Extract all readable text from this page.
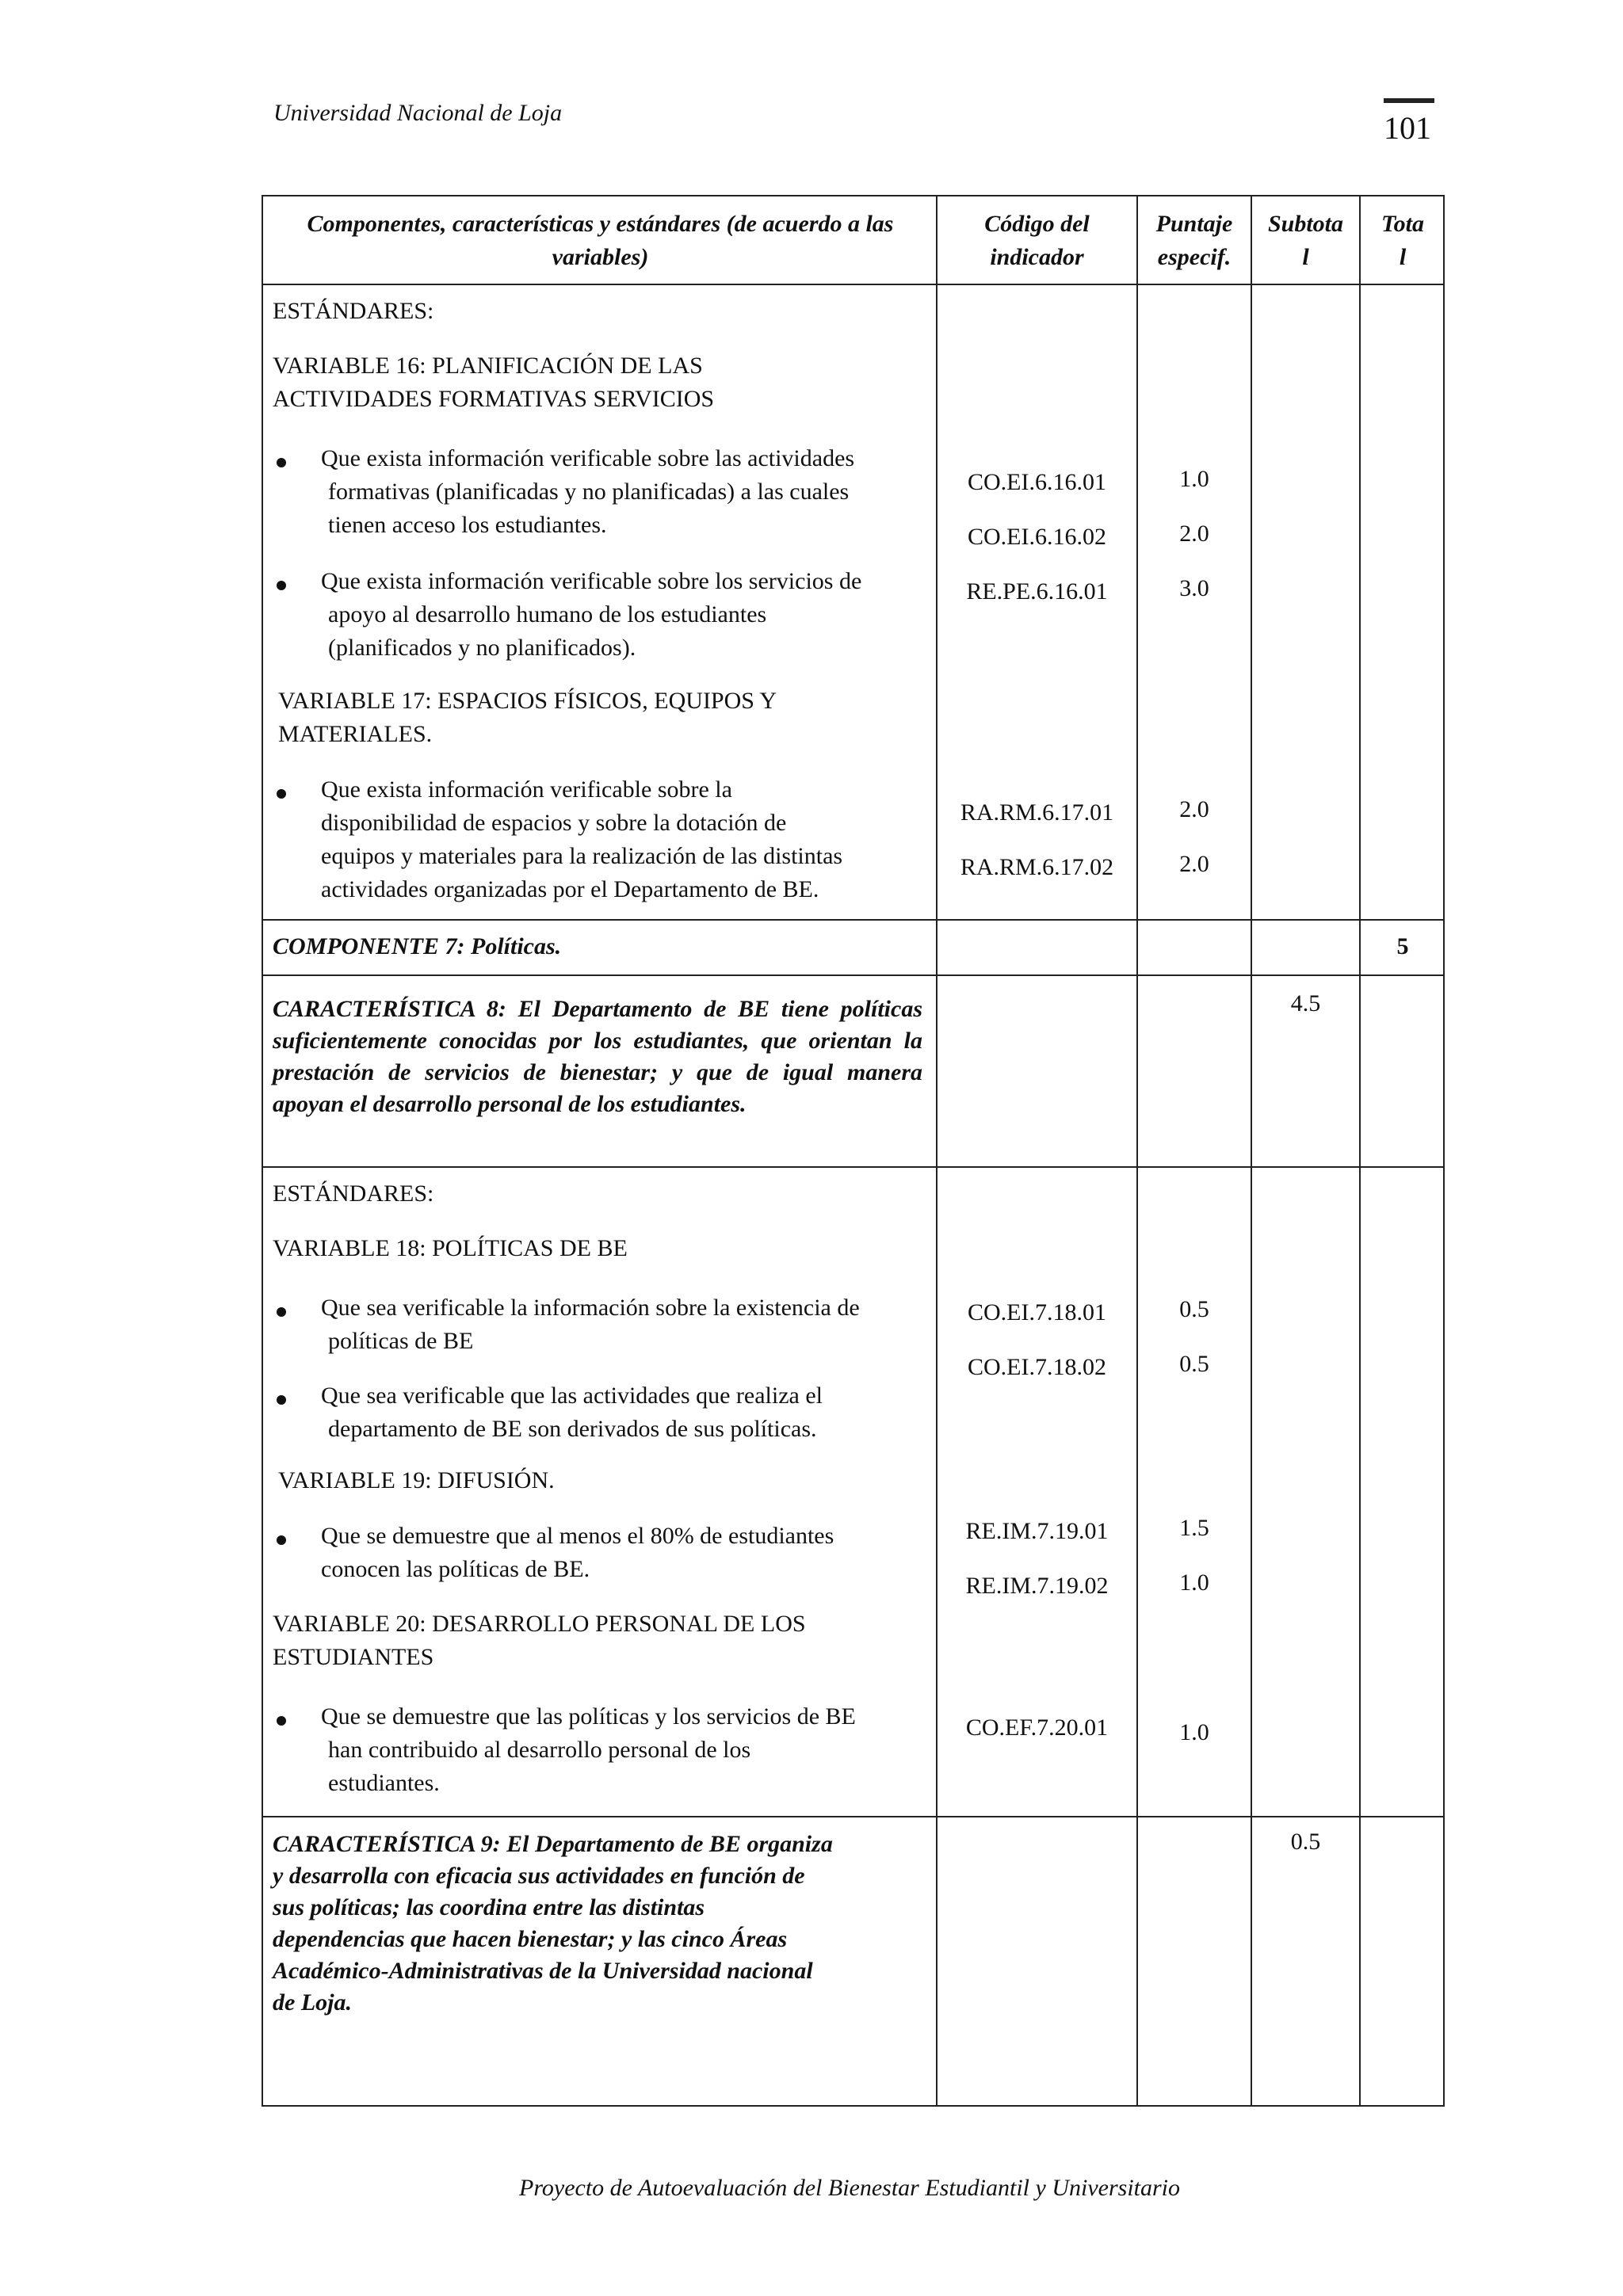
Universidad Nacional de Loja	101
Componentes, características y estándares (de acuerdo a las
variables)
Código del
indicador
Puntaje
especif.
Subtota
l
Tota
l
ESTÁNDARES:
VARIABLE 16: PLANIFICACIÓN DE LAS
ACTIVIDADES FORMATIVAS SERVICIOS
Que exista información verificable sobre las actividades
formativas (planificadas y no planificadas) a las cuales
tienen acceso los estudiantes.
Que exista información verificable sobre los servicios de
apoyo al desarrollo humano de los estudiantes
(planificados y no planificados).
VARIABLE 17: ESPACIOS FÍSICOS, EQUIPOS Y
MATERIALES.
Que exista información verificable sobre la
disponibilidad de espacios y sobre la dotación de
equipos y materiales para la realización de las distintas
actividades organizadas por el Departamento de BE.
CO.EI.6.16.01
CO.EI.6.16.02
RE.PE.6.16.01
RA.RM.6.17.01
RA.RM.6.17.02
1.0
2.0
3.0
2.0
2.0
COMPONENTE 7: Políticas.	5
CARACTERÍSTICA 8: El Departamento de BE tiene políticas suficientemente conocidas por los estudiantes, que orientan la prestación de servicios de bienestar; y que de igual manera apoyan el desarrollo personal de los estudiantes.
4.5
ESTÁNDARES:
VARIABLE 18: POLÍTICAS DE BE
Que sea verificable la información sobre la existencia de
políticas de BE
Que sea verificable que las actividades que realiza el
departamento de BE son derivados de sus políticas.
VARIABLE 19: DIFUSIÓN.
Que se demuestre que al menos el 80% de estudiantes
conocen las políticas de BE.
VARIABLE 20: DESARROLLO PERSONAL DE LOS
ESTUDIANTES
Que se demuestre que las políticas y los servicios de BE
han contribuido al desarrollo personal de los
estudiantes.
CO.EI.7.18.01
CO.EI.7.18.02
RE.IM.7.19.01
RE.IM.7.19.02
CO.EF.7.20.01
0.5
0.5
1.5
1.0
1.0
CARACTERÍSTICA 9: El Departamento de BE organiza
y desarrolla con eficacia sus actividades en función de
sus políticas; las coordina entre las distintas
dependencias que hacen bienestar; y las cinco Áreas
Académico-Administrativas de la Universidad nacional
de Loja.
0.5
Proyecto de Autoevaluación del Bienestar Estudiantil y Universitario
